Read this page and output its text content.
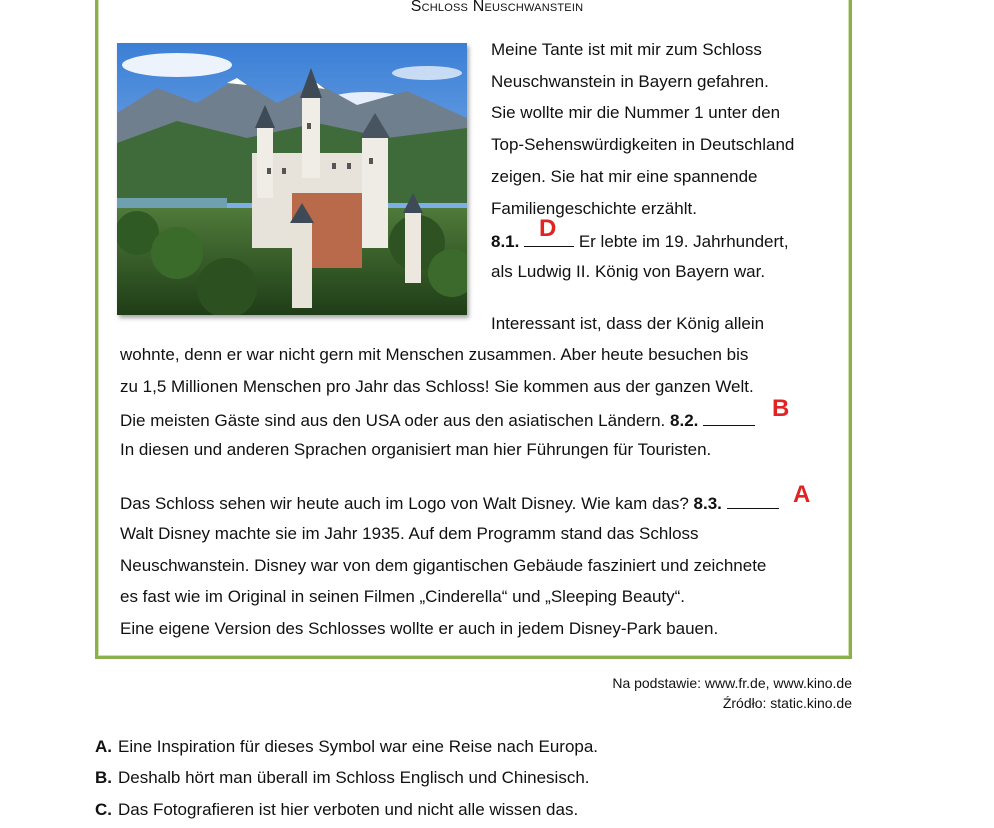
Schloss Neuschwanstein
Meine Tante ist mit mir zum Schloss
Neuschwanstein in Bayern gefahren.
Sie wollte mir die Nummer 1 unter den
Top-Sehenswürdigkeiten in Deutschland
zeigen. Sie hat mir eine spannende
Familiengeschichte erzählt.
8.1.	Er lebte im 19. Jahrhundert,
D
als Ludwig II. König von Bayern war.
Interessant ist, dass der König allein
wohnte, denn er war nicht gern mit Menschen zusammen. Aber heute besuchen bis
zu 1,5 Millionen Menschen pro Jahr das Schloss! Sie kommen aus der ganzen Welt.
Die meisten Gäste sind aus den USA oder aus den asiatischen Ländern. 8.2.	B
In diesen und anderen Sprachen organisiert man hier Führungen für Touristen.
Das Schloss sehen wir heute auch im Logo von Walt Disney. Wie kam das? 8.3.	A
Walt Disney machte sie im Jahr 1935. Auf dem Programm stand das Schloss
Neuschwanstein. Disney war von dem gigantischen Gebäude fasziniert und zeichnete
es fast wie im Original in seinen Filmen „Cinderella“ und „Sleeping Beauty“.
Eine eigene Version des Schlosses wollte er auch in jedem Disney-Park bauen.
Na podstawie: www.fr.de, www.kino.de
Źródło: static.kino.de
A. Eine Inspiration für dieses Symbol war eine Reise nach Europa.
B. Deshalb hört man überall im Schloss Englisch und Chinesisch.
C. Das Fotografieren ist hier verboten und nicht alle wissen das.
